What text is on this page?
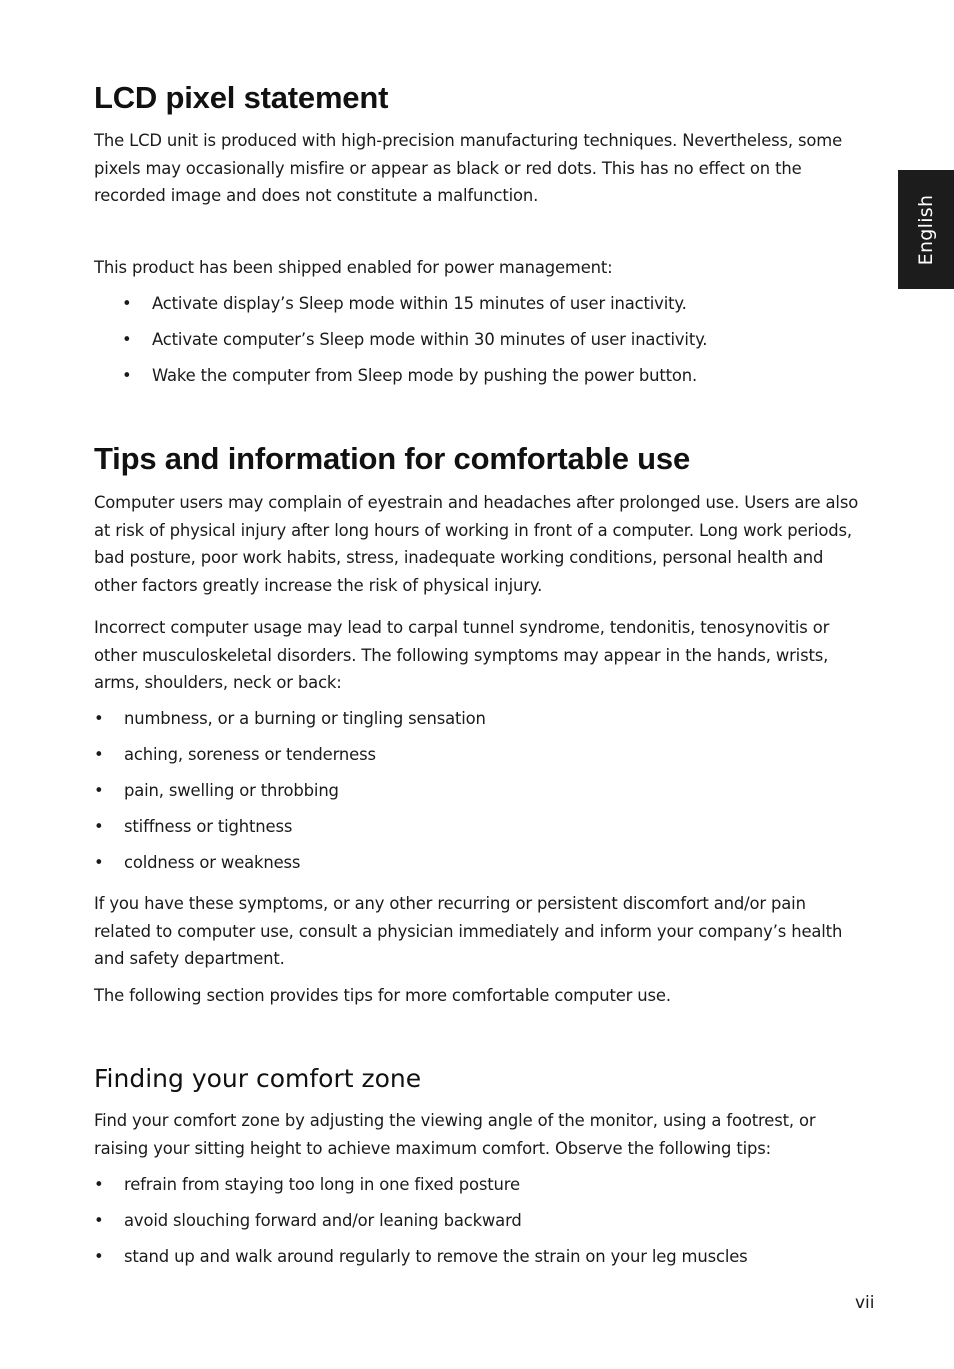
English
LCD pixel statement

The LCD unit is produced with high-precision manufacturing techniques. Nevertheless, some pixels may occasionally misfire or appear as black or red dots. This has no effect on the recorded image and does not constitute a malfunction.

This product has been shipped enabled for power management:

• Activate display’s Sleep mode within 15 minutes of user inactivity.
• Activate computer’s Sleep mode within 30 minutes of user inactivity.
• Wake the computer from Sleep mode by pushing the power button.
Tips and information for comfortable use

Computer users may complain of eyestrain and headaches after prolonged use. Users are also at risk of physical injury after long hours of working in front of a computer. Long work periods, bad posture, poor work habits, stress, inadequate working conditions, personal health and other factors greatly increase the risk of physical injury.

Incorrect computer usage may lead to carpal tunnel syndrome, tendonitis, tenosynovitis or other musculoskeletal disorders. The following symptoms may appear in the hands, wrists, arms, shoulders, neck or back:

• numbness, or a burning or tingling sensation
• aching, soreness or tenderness
• pain, swelling or throbbing
• stiffness or tightness
• coldness or weakness

If you have these symptoms, or any other recurring or persistent discomfort and/or pain related to computer use, consult a physician immediately and inform your company’s health and safety department.

The following section provides tips for more comfortable computer use.

Finding your comfort zone

Find your comfort zone by adjusting the viewing angle of the monitor, using a footrest, or raising your sitting height to achieve maximum comfort. Observe the following tips:

• refrain from staying too long in one fixed posture
• avoid slouching forward and/or leaning backward
• stand up and walk around regularly to remove the strain on your leg muscles
vii
